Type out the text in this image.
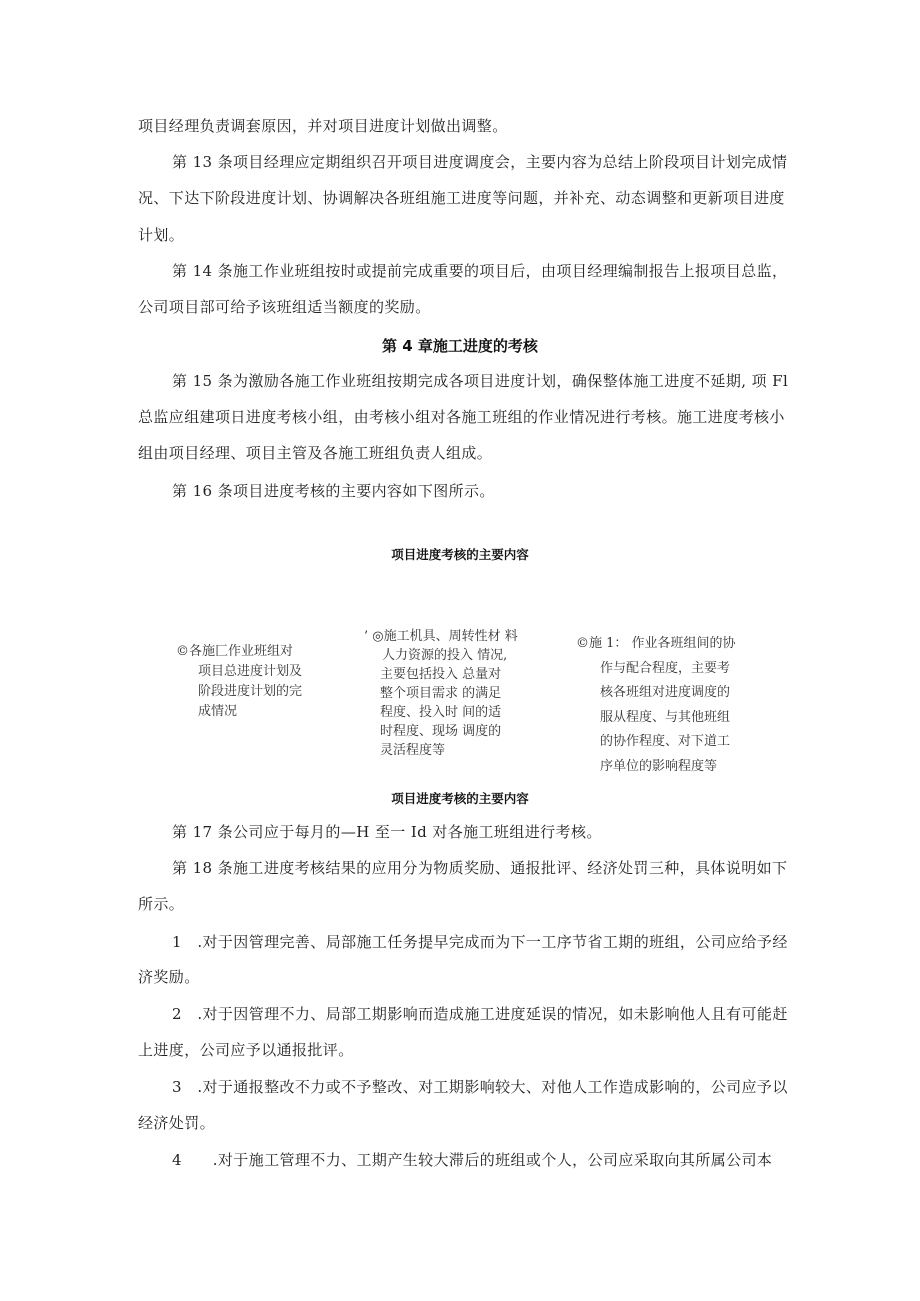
项目经理负责调套原因，并对项目进度计划做出调整。
第 13 条项目经理应定期组织召开项目进度调度会，主要内容为总结上阶段项目计划完成情
况、下达下阶段进度计划、协调解决各班组施工进度等问题，并补充、动态调整和更新项目进度
计划。
第 14 条施工作业班组按时或提前完成重要的项目后，由项目经理编制报告上报项目总监，
公司项目部可给予该班组适当额度的奖励。
第 4 章施工进度的考核
第 15 条为激励各施工作业班组按期完成各项目进度计划，确保整体施工进度不延期, 项 Fl
总监应组建项日进度考核小组，由考核小组对各施工班组的作业情况进行考核。施工进度考核小
组由项目经理、项目主管及各施工班组负责人组成。
第 16 条项目进度考核的主要内容如下图所示。
项目进度考核的主要内容
©各施匚作业班组对
项目总进度计划及
阶段进度计划的完
成情况
’ ◎施工机具、周转性材 料
人力资源的投入 情况,
主要包括投入 总量对
整个项目需求 的满足
程度、投入时 间的适
时程度、现场 调度的
灵活程度等
©施 1： 作业各班组间的协
作与配合程度，主要考
核各班组对进度调度的
服从程度、与其他班组
的协作程度、对下道工
序单位的影响程度等
项目进度考核的主要内容
第 17 条公司应于每月的—H 至一 Id 对各施工班组进行考核。
第 18 条施工进度考核结果的应用分为物质奖励、通报批评、经济处罚三种，具体说明如下
所示。
1　.对于因管理完善、局部施工任务提早完成而为下一工序节省工期的班组，公司应给予经
济奖励。
2　.对于因管理不力、局部工期影响而造成施工进度延误的情况，如未影响他人且有可能赶
上进度，公司应予以通报批评。
3　.对于通报整改不力或不予整改、对工期影响较大、对他人工作造成影响的，公司应予以
经济处罚。
4　　.对于施工管理不力、工期产生较大滞后的班组或个人，公司应采取向其所属公司本
